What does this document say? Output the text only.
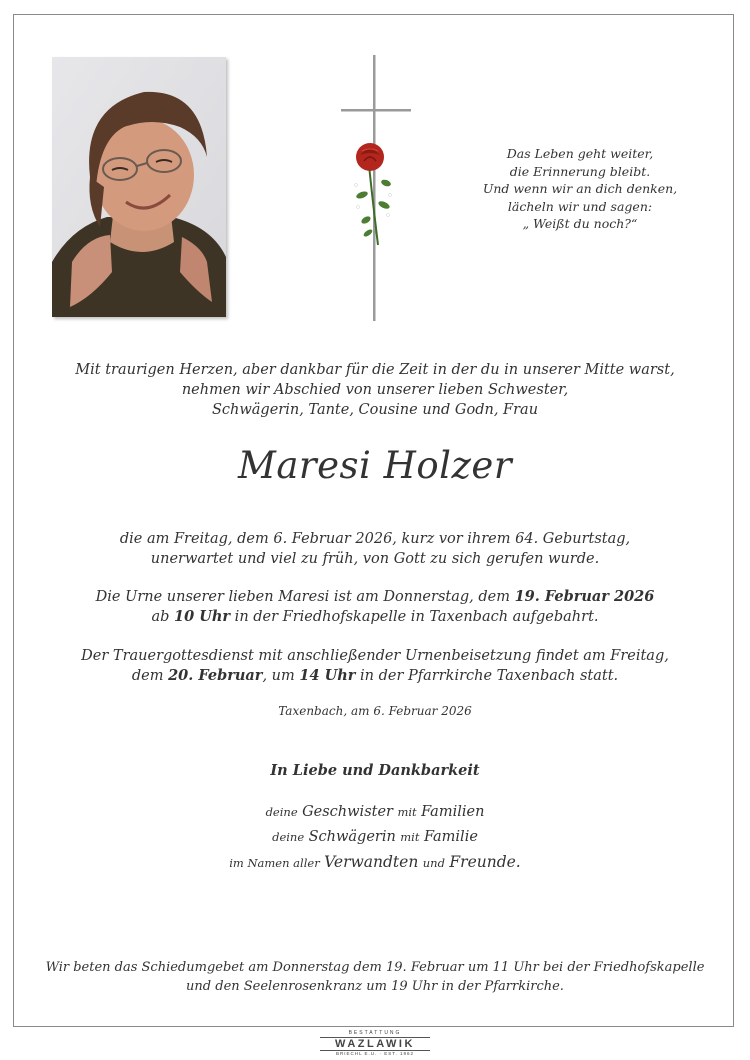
Das Leben geht weiter,
die Erinnerung bleibt.
Und wenn wir an dich denken,
lächeln wir und sagen:
„ Weißt du noch?“
Mit traurigen Herzen, aber dankbar für die Zeit in der du in unserer Mitte warst,
nehmen wir Abschied von unserer lieben Schwester,
Schwägerin, Tante, Cousine und Godn, Frau
Maresi Holzer
die am Freitag, dem 6. Februar 2026, kurz vor ihrem 64. Geburtstag,
unerwartet und viel zu früh, von Gott zu sich gerufen wurde.
Die Urne unserer lieben Maresi ist am Donnerstag, dem 19. Februar 2026
ab 10 Uhr in der Friedhofskapelle in Taxenbach aufgebahrt.
Der Trauergottesdienst mit anschließender Urnenbeisetzung findet am Freitag,
dem 20. Februar, um 14 Uhr in der Pfarrkirche Taxenbach statt.
Taxenbach, am 6. Februar 2026
In Liebe und Dankbarkeit
deine Geschwister mit Familien
deine Schwägerin mit Familie
im Namen aller Verwandten und Freunde.
Wir beten das Schiedumgebet am Donnerstag dem 19. Februar um 11 Uhr bei der Friedhofskapelle
und den Seelenrosenkranz um 19 Uhr in der Pfarrkirche.
BESTATTUNG
WAZLAWIK
BRIECHL E.U. · EST. 1962
